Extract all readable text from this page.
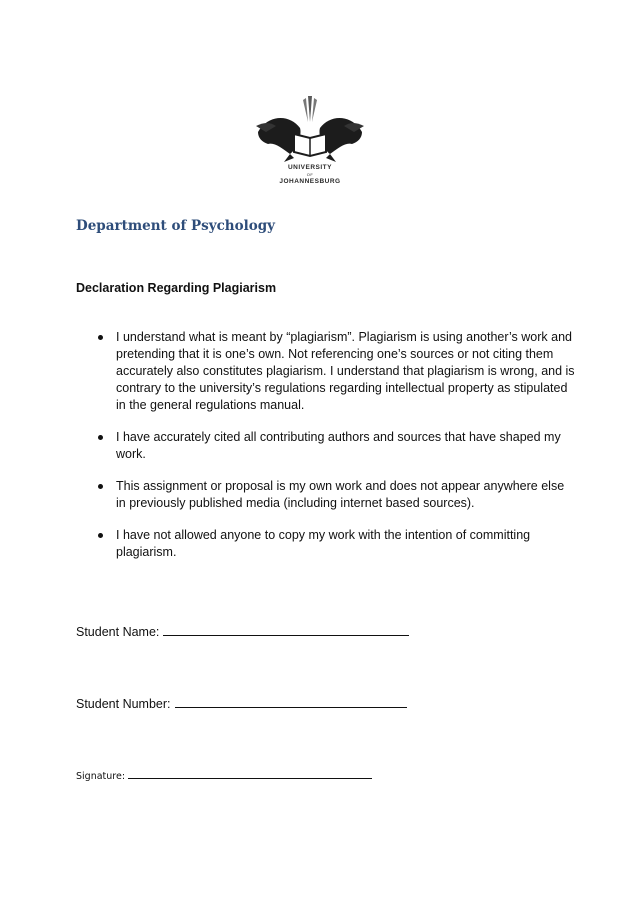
UNIVERSITY
OF
JOHANNESBURG
Department of Psychology
Declaration Regarding Plagiarism
I understand what is meant by “plagiarism”. Plagiarism is using another’s work and pretending that it is one’s own. Not referencing one’s sources or not citing them accurately also constitutes plagiarism. I understand that plagiarism is wrong, and is contrary to the university’s regulations regarding intellectual property as stipulated in the general regulations manual.
I have accurately cited all contributing authors and sources that have shaped my work.
This assignment or proposal is my own work and does not appear anywhere else in previously published media (including internet based sources).
I have not allowed anyone to copy my work with the intention of committing plagiarism.

Student Name:

Student Number:

Signature:
